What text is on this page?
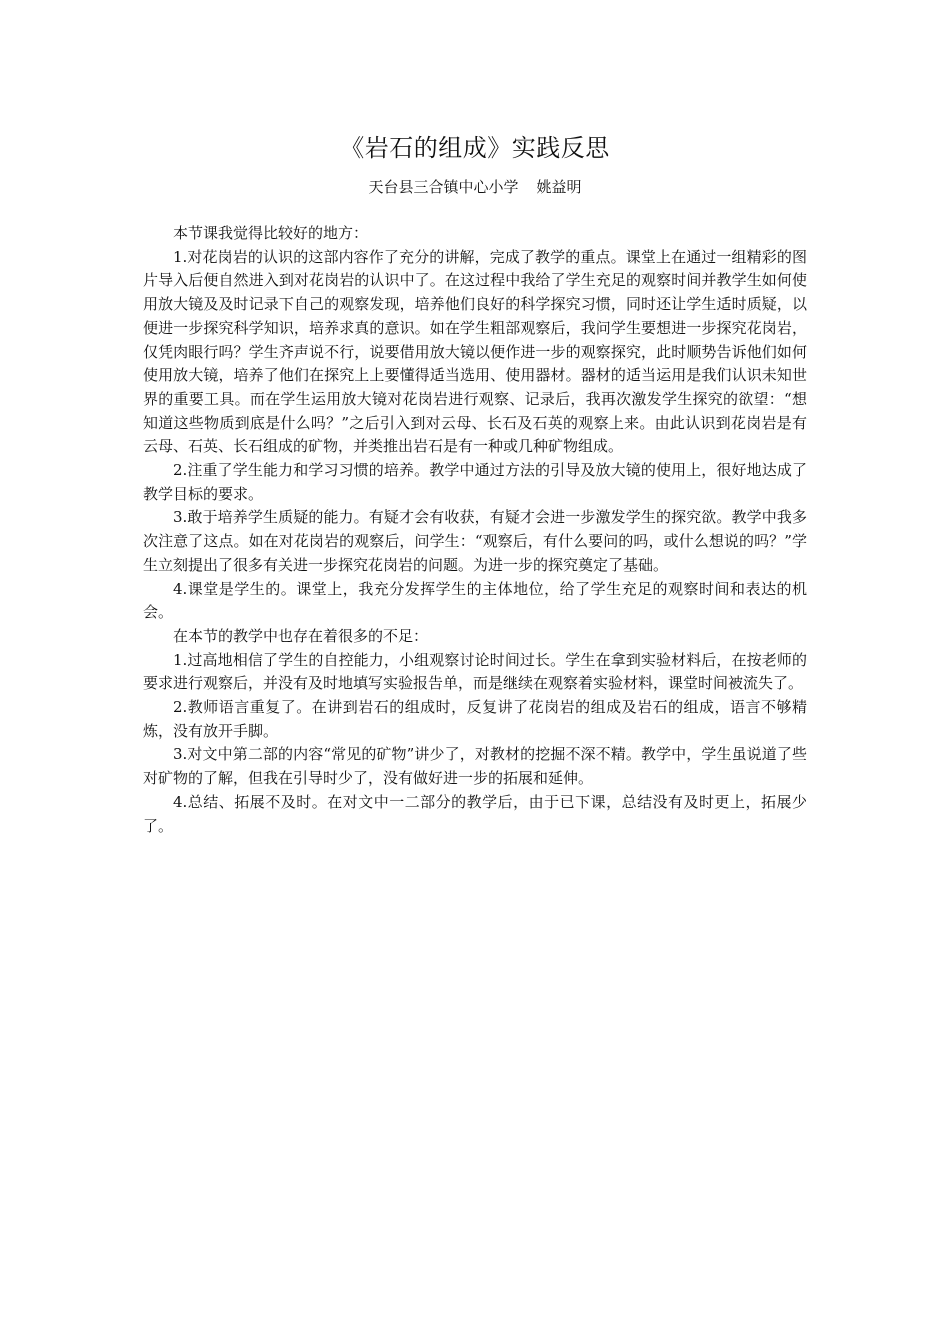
《岩石的组成》实践反思
天台县三合镇中心小学 姚益明

本节课我觉得比较好的地方：

1.对花岗岩的认识的这部内容作了充分的讲解，完成了教学的重点。课堂上在通过一组精彩的图片导入后便自然进入到对花岗岩的认识中了。在这过程中我给了学生充足的观察时间并教学生如何使用放大镜及及时记录下自己的观察发现，培养他们良好的科学探究习惯，同时还让学生适时质疑，以便进一步探究科学知识，培养求真的意识。如在学生粗部观察后，我问学生要想进一步探究花岗岩，仅凭肉眼行吗？学生齐声说不行，说要借用放大镜以便作进一步的观察探究，此时顺势告诉他们如何使用放大镜，培养了他们在探究上上要懂得适当选用、使用器材。器材的适当运用是我们认识未知世界的重要工具。而在学生运用放大镜对花岗岩进行观察、记录后，我再次激发学生探究的欲望：“想知道这些物质到底是什么吗？”之后引入到对云母、长石及石英的观察上来。由此认识到花岗岩是有云母、石英、长石组成的矿物，并类推出岩石是有一种或几种矿物组成。

2.注重了学生能力和学习习惯的培养。教学中通过方法的引导及放大镜的使用上，很好地达成了教学目标的要求。

3.敢于培养学生质疑的能力。有疑才会有收获，有疑才会进一步激发学生的探究欲。教学中我多次注意了这点。如在对花岗岩的观察后，问学生：“观察后，有什么要问的吗，或什么想说的吗？”学生立刻提出了很多有关进一步探究花岗岩的问题。为进一步的探究奠定了基础。

4.课堂是学生的。课堂上，我充分发挥学生的主体地位，给了学生充足的观察时间和表达的机会。

在本节的教学中也存在着很多的不足：

1.过高地相信了学生的自控能力，小组观察讨论时间过长。学生在拿到实验材料后，在按老师的要求进行观察后，并没有及时地填写实验报告单，而是继续在观察着实验材料，课堂时间被流失了。

2.教师语言重复了。在讲到岩石的组成时，反复讲了花岗岩的组成及岩石的组成，语言不够精炼，没有放开手脚。

3.对文中第二部的内容“常见的矿物”讲少了，对教材的挖掘不深不精。教学中，学生虽说道了些对矿物的了解，但我在引导时少了，没有做好进一步的拓展和延伸。

4.总结、拓展不及时。在对文中一二部分的教学后，由于已下课，总结没有及时更上，拓展少了。
